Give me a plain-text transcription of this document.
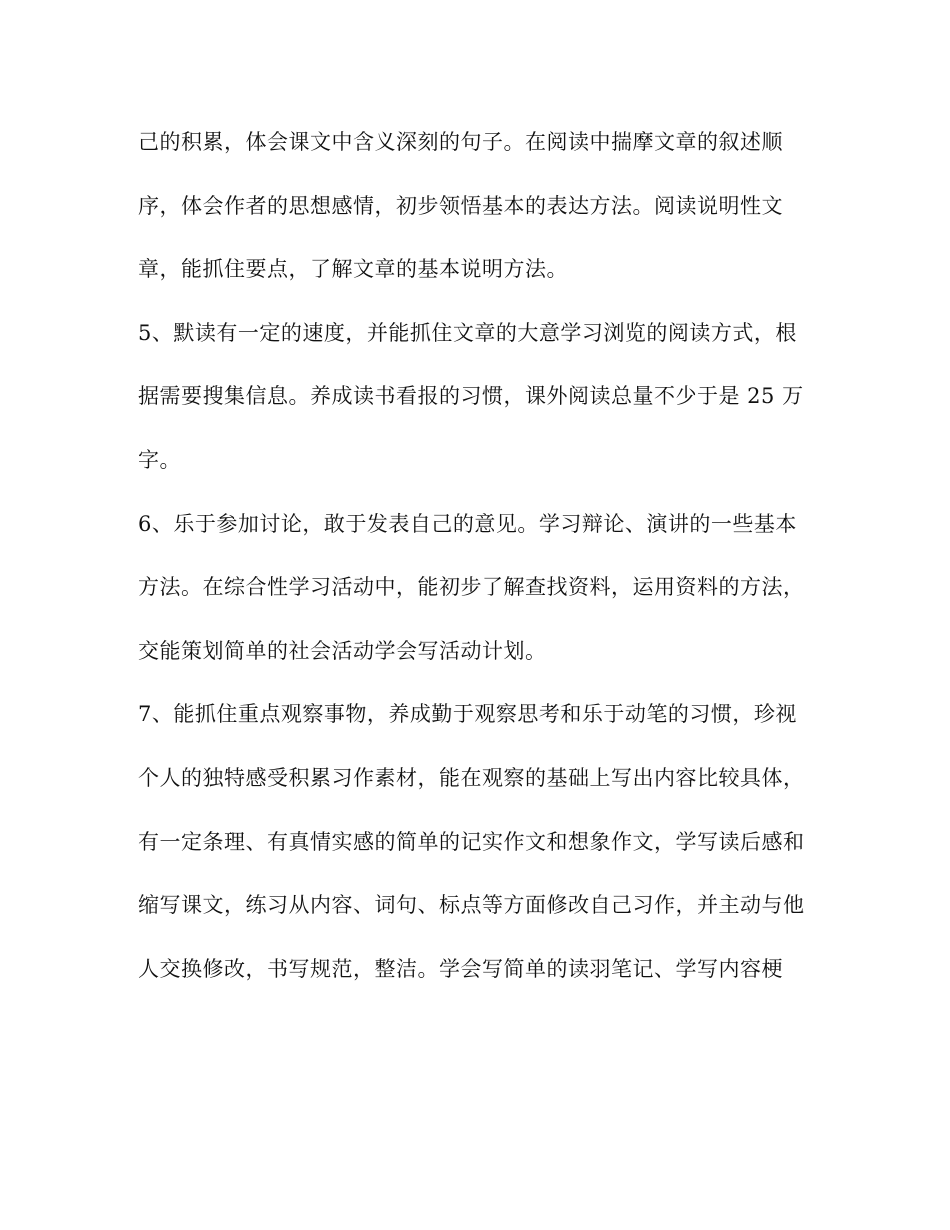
己的积累，体会课文中含义深刻的句子。在阅读中揣摩文章的叙述顺
序，体会作者的思想感情，初步领悟基本的表达方法。阅读说明性文
章，能抓住要点，了解文章的基本说明方法。
5、默读有一定的速度，并能抓住文章的大意学习浏览的阅读方式，根
据需要搜集信息。养成读书看报的习惯，课外阅读总量不少于是 25 万
字。
6、乐于参加讨论，敢于发表自己的意见。学习辩论、演讲的一些基本
方法。在综合性学习活动中，能初步了解查找资料，运用资料的方法，
交能策划简单的社会活动学会写活动计划。
7、能抓住重点观察事物，养成勤于观察思考和乐于动笔的习惯，珍视
个人的独特感受积累习作素材，能在观察的基础上写出内容比较具体，
有一定条理、有真情实感的简单的记实作文和想象作文，学写读后感和
缩写课文，练习从内容、词句、标点等方面修改自己习作，并主动与他
人交换修改，书写规范，整洁。学会写简单的读羽笔记、学写内容梗
